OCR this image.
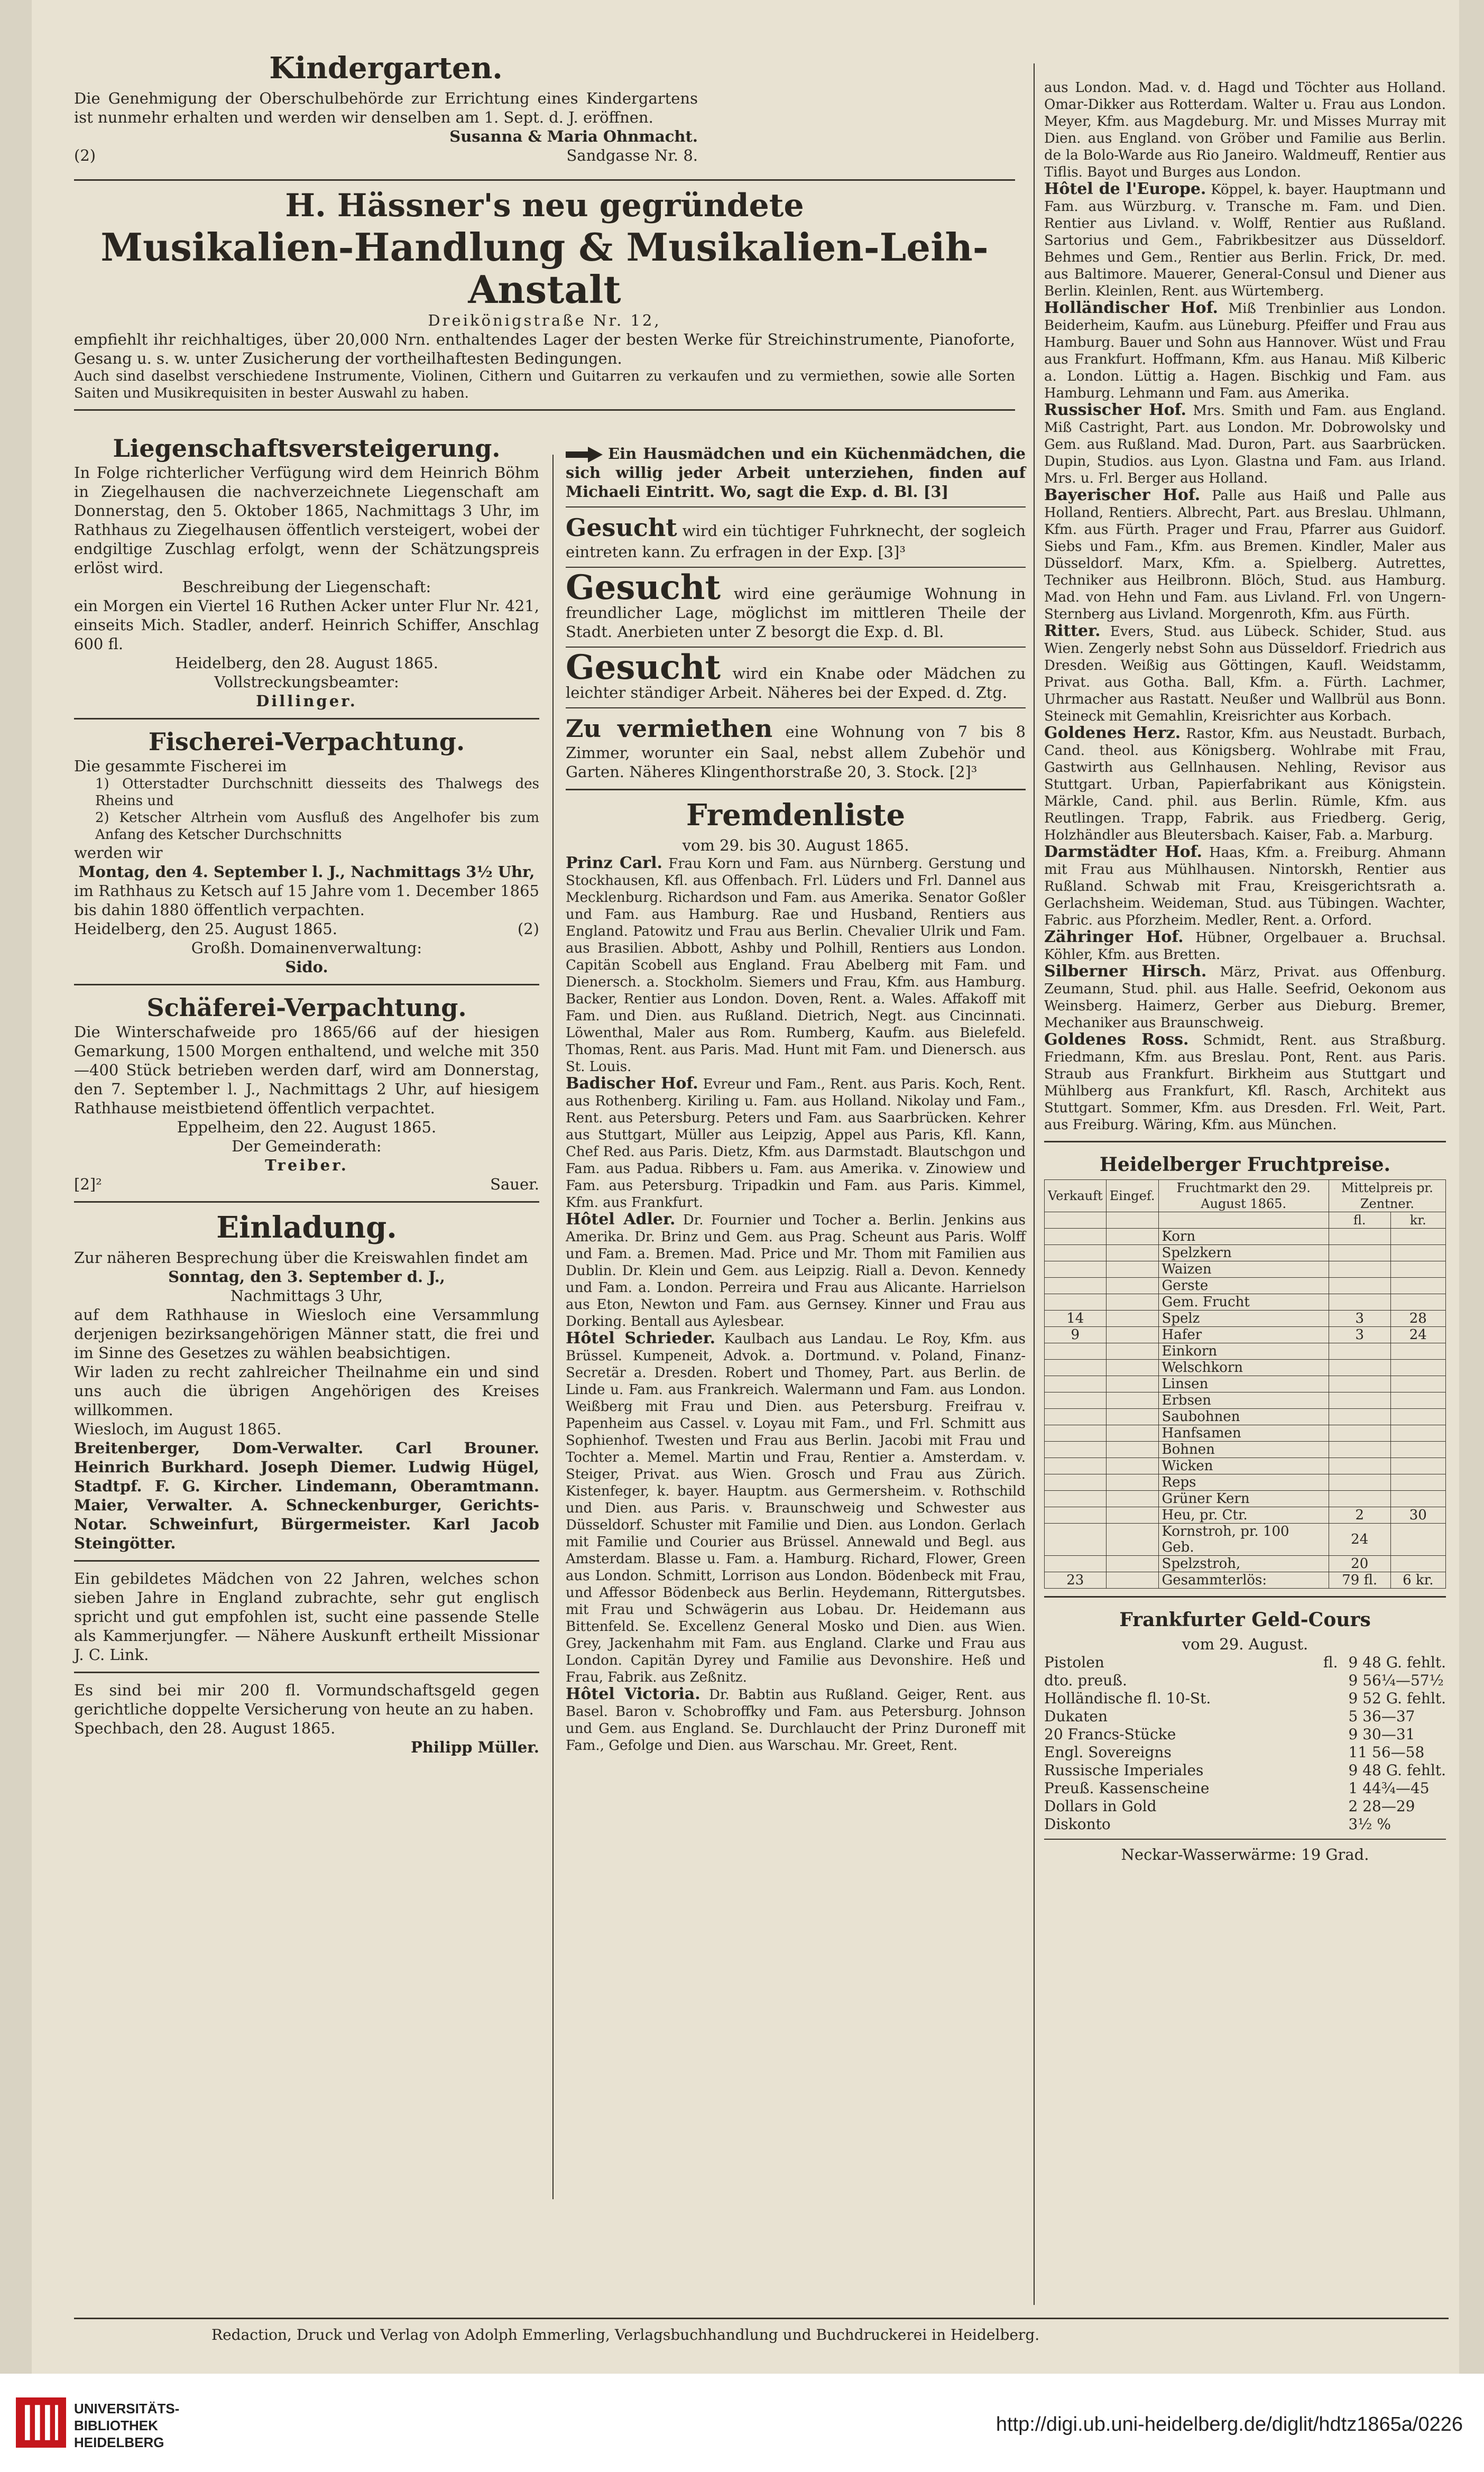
Kindergarten.

Die Genehmigung der Oberschulbehörde zur Errichtung eines Kindergartens ist nunmehr erhalten und werden wir denselben am 1. Sept. d. J. eröffnen.

Susanna & Maria Ohnmacht.

(2)	Sandgasse Nr. 8.
H. Hässner's neu gegründete
Musikalien-Handlung & Musikalien-Leih-Anstalt

Dreikönigstraße Nr. 12,

empfiehlt ihr reichhaltiges, über 20,000 Nrn. enthaltendes Lager der besten Werke für Streichinstrumente, Pianoforte, Gesang u. s. w. unter Zusicherung der vortheilhaftesten Bedingungen.

Auch sind daselbst verschiedene Instrumente, Violinen, Cithern und Guitarren zu verkaufen und zu vermiethen, sowie alle Sorten Saiten und Musikrequisiten in bester Auswahl zu haben.

Liegenschaftsversteigerung.

In Folge richterlicher Verfügung wird dem Heinrich Böhm in Ziegelhausen die nachverzeichnete Liegenschaft am Donnerstag, den 5. Oktober 1865, Nachmittags 3 Uhr, im Rathhaus zu Ziegelhausen öffentlich versteigert, wobei der endgiltige Zuschlag erfolgt, wenn der Schätzungspreis erlöst wird.

Beschreibung der Liegenschaft:

ein Morgen ein Viertel 16 Ruthen Acker unter Flur Nr. 421, einseits Mich. Stadler, anderf. Heinrich Schiffer, Anschlag 600 fl.

Heidelberg, den 28. August 1865.

Vollstreckungsbeamter:

Dillinger.

Fischerei-Verpachtung.

Die gesammte Fischerei im

1) Otterstadter Durchschnitt diesseits des Thalwegs des Rheins und

2) Ketscher Altrhein vom Ausfluß des Angelhofer bis zum Anfang des Ketscher Durchschnitts

werden wir

Montag, den 4. September l. J., Nachmittags 3½ Uhr,

im Rathhaus zu Ketsch auf 15 Jahre vom 1. December 1865 bis dahin 1880 öffentlich verpachten.

Heidelberg, den 25. August 1865.	(2)

Großh. Domainenverwaltung:

Sido.

Schäferei-Verpachtung.

Die Winterschafweide pro 1865/66 auf der hiesigen Gemarkung, 1500 Morgen enthaltend, und welche mit 350—400 Stück betrieben werden darf, wird am Donnerstag, den 7. September l. J., Nachmittags 2 Uhr, auf hiesigem Rathhause meistbietend öffentlich verpachtet.

Eppelheim, den 22. August 1865.

Der Gemeinderath:

Treiber.

[2]²	Sauer.
Einladung.

Zur näheren Besprechung über die Kreiswahlen findet am

Sonntag, den 3. September d. J.,

Nachmittags 3 Uhr,

auf dem Rathhause in Wiesloch eine Versammlung derjenigen bezirksangehörigen Männer statt, die frei und im Sinne des Gesetzes zu wählen beabsichtigen.

Wir laden zu recht zahlreicher Theilnahme ein und sind uns auch die übrigen Angehörigen des Kreises willkommen.

Wiesloch, im August 1865.

Breitenberger, Dom-Verwalter. Carl Brouner. Heinrich Burkhard. Joseph Diemer. Ludwig Hügel, Stadtpf. F. G. Kircher. Lindemann, Oberamtmann. Maier, Verwalter. A. Schneckenburger, Gerichts-Notar. Schweinfurt, Bürgermeister. Karl Jacob Steingötter.

Ein gebildetes Mädchen von 22 Jahren, welches schon sieben Jahre in England zubrachte, sehr gut englisch spricht und gut empfohlen ist, sucht eine passende Stelle als Kammerjungfer. — Nähere Auskunft ertheilt Missionar J. C. Link.

Es sind bei mir 200 fl. Vormundschaftsgeld gegen gerichtliche doppelte Versicherung von heute an zu haben.

Spechbach, den 28. August 1865.

Philipp Müller.

Ein Hausmädchen und ein Küchenmädchen, die sich willig jeder Arbeit unterziehen, finden auf Michaeli Eintritt. Wo, sagt die Exp. d. Bl. [3]

Gesucht wird ein tüchtiger Fuhrknecht, der sogleich eintreten kann. Zu erfragen in der Exp. [3]³

Gesucht wird eine geräumige Wohnung in freundlicher Lage, möglichst im mittleren Theile der Stadt. Anerbieten unter Z besorgt die Exp. d. Bl.

Gesucht wird ein Knabe oder Mädchen zu leichter ständiger Arbeit. Näheres bei der Exped. d. Ztg.

Zu vermiethen eine Wohnung von 7 bis 8 Zimmer, worunter ein Saal, nebst allem Zubehör und Garten. Näheres Klingenthorstraße 20, 3. Stock. [2]³

Fremdenliste

vom 29. bis 30. August 1865.

Prinz Carl. Frau Korn und Fam. aus Nürnberg. Gerstung und Stockhausen, Kfl. aus Offenbach. Frl. Lüders und Frl. Dannel aus Mecklenburg. Richardson und Fam. aus Amerika. Senator Goßler und Fam. aus Hamburg. Rae und Husband, Rentiers aus England. Patowitz und Frau aus Berlin. Chevalier Ulrik und Fam. aus Brasilien. Abbott, Ashby und Polhill, Rentiers aus London. Capitän Scobell aus England. Frau Abelberg mit Fam. und Dienersch. a. Stockholm. Siemers und Frau, Kfm. aus Hamburg. Backer, Rentier aus London. Doven, Rent. a. Wales. Affakoff mit Fam. und Dien. aus Rußland. Dietrich, Negt. aus Cincinnati. Löwenthal, Maler aus Rom. Rumberg, Kaufm. aus Bielefeld. Thomas, Rent. aus Paris. Mad. Hunt mit Fam. und Dienersch. aus St. Louis.

Badischer Hof. Evreur und Fam., Rent. aus Paris. Koch, Rent. aus Rothenberg. Kiriling u. Fam. aus Holland. Nikolay und Fam., Rent. aus Petersburg. Peters und Fam. aus Saarbrücken. Kehrer aus Stuttgart, Müller aus Leipzig, Appel aus Paris, Kfl. Kann, Chef Red. aus Paris. Dietz, Kfm. aus Darmstadt. Blautschgon und Fam. aus Padua. Ribbers u. Fam. aus Amerika. v. Zinowiew und Fam. aus Petersburg. Tripadkin und Fam. aus Paris. Kimmel, Kfm. aus Frankfurt.

Hôtel Adler. Dr. Fournier und Tocher a. Berlin. Jenkins aus Amerika. Dr. Brinz und Gem. aus Prag. Scheunt aus Paris. Wolff und Fam. a. Bremen. Mad. Price und Mr. Thom mit Familien aus Dublin. Dr. Klein und Gem. aus Leipzig. Riall a. Devon. Kennedy und Fam. a. London. Perreira und Frau aus Alicante. Harrielson aus Eton, Newton und Fam. aus Gernsey. Kinner und Frau aus Dorking. Bentall aus Aylesbear.

Hôtel Schrieder. Kaulbach aus Landau. Le Roy, Kfm. aus Brüssel. Kumpeneit, Advok. a. Dortmund. v. Poland, Finanz-Secretär a. Dresden. Robert und Thomey, Part. aus Berlin. de Linde u. Fam. aus Frankreich. Walermann und Fam. aus London. Weißberg mit Frau und Dien. aus Petersburg. Freifrau v. Papenheim aus Cassel. v. Loyau mit Fam., und Frl. Schmitt aus Sophienhof. Twesten und Frau aus Berlin. Jacobi mit Frau und Tochter a. Memel. Martin und Frau, Rentier a. Amsterdam. v. Steiger, Privat. aus Wien. Grosch und Frau aus Zürich. Kistenfeger, k. bayer. Hauptm. aus Germersheim. v. Rothschild und Dien. aus Paris. v. Braunschweig und Schwester aus Düsseldorf. Schuster mit Familie und Dien. aus London. Gerlach mit Familie und Courier aus Brüssel. Annewald und Begl. aus Amsterdam. Blasse u. Fam. a. Hamburg. Richard, Flower, Green aus London. Schmitt, Lorrison aus London. Bödenbeck mit Frau, und Affessor Bödenbeck aus Berlin. Heydemann, Rittergutsbes. mit Frau und Schwägerin aus Lobau. Dr. Heidemann aus Bittenfeld. Se. Excellenz General Mosko und Dien. aus Wien. Grey, Jackenhahm mit Fam. aus England. Clarke und Frau aus London. Capitän Dyrey und Familie aus Devonshire. Heß und Frau, Fabrik. aus Zeßnitz.

Hôtel Victoria. Dr. Babtin aus Rußland. Geiger, Rent. aus Basel. Baron v. Schobroffky und Fam. aus Petersburg. Johnson und Gem. aus England. Se. Durchlaucht der Prinz Duroneff mit Fam., Gefolge und Dien. aus Warschau. Mr. Greet, Rent.

aus London. Mad. v. d. Hagd und Töchter aus Holland. Omar-Dikker aus Rotterdam. Walter u. Frau aus London. Meyer, Kfm. aus Magdeburg. Mr. und Misses Murray mit Dien. aus England. von Gröber und Familie aus Berlin. de la Bolo-Warde aus Rio Janeiro. Waldmeuff, Rentier aus Tiflis. Bayot und Burges aus London.

Hôtel de l'Europe. Köppel, k. bayer. Hauptmann und Fam. aus Würzburg. v. Transche m. Fam. und Dien. Rentier aus Livland. v. Wolff, Rentier aus Rußland. Sartorius und Gem., Fabrikbesitzer aus Düsseldorf. Behmes und Gem., Rentier aus Berlin. Frick, Dr. med. aus Baltimore. Mauerer, General-Consul und Diener aus Berlin. Kleinlen, Rent. aus Würtemberg.

Holländischer Hof. Miß Trenbinlier aus London. Beiderheim, Kaufm. aus Lüneburg. Pfeiffer und Frau aus Hamburg. Bauer und Sohn aus Hannover. Wüst und Frau aus Frankfurt. Hoffmann, Kfm. aus Hanau. Miß Kilberic a. London. Lüttig a. Hagen. Bischkig und Fam. aus Hamburg. Lehmann und Fam. aus Amerika.

Russischer Hof. Mrs. Smith und Fam. aus England. Miß Castright, Part. aus London. Mr. Dobrowolsky und Gem. aus Rußland. Mad. Duron, Part. aus Saarbrücken. Dupin, Studios. aus Lyon. Glastna und Fam. aus Irland. Mrs. u. Frl. Berger aus Holland.

Bayerischer Hof. Palle aus Haiß und Palle aus Holland, Rentiers. Albrecht, Part. aus Breslau. Uhlmann, Kfm. aus Fürth. Prager und Frau, Pfarrer aus Guidorf. Siebs und Fam., Kfm. aus Bremen. Kindler, Maler aus Düsseldorf. Marx, Kfm. a. Spielberg. Autrettes, Techniker aus Heilbronn. Blöch, Stud. aus Hamburg. Mad. von Hehn und Fam. aus Livland. Frl. von Ungern-Sternberg aus Livland. Morgenroth, Kfm. aus Fürth.

Ritter. Evers, Stud. aus Lübeck. Schider, Stud. aus Wien. Zengerly nebst Sohn aus Düsseldorf. Friedrich aus Dresden. Weißig aus Göttingen, Kaufl. Weidstamm, Privat. aus Gotha. Ball, Kfm. a. Fürth. Lachmer, Uhrmacher aus Rastatt. Neußer und Wallbrül aus Bonn. Steineck mit Gemahlin, Kreisrichter aus Korbach.

Goldenes Herz. Rastor, Kfm. aus Neustadt. Burbach, Cand. theol. aus Königsberg. Wohlrabe mit Frau, Gastwirth aus Gellnhausen. Nehling, Revisor aus Stuttgart. Urban, Papierfabrikant aus Königstein. Märkle, Cand. phil. aus Berlin. Rümle, Kfm. aus Reutlingen. Trapp, Fabrik. aus Friedberg. Gerig, Holzhändler aus Bleutersbach. Kaiser, Fab. a. Marburg.

Darmstädter Hof. Haas, Kfm. a. Freiburg. Ahmann mit Frau aus Mühlhausen. Nintorskh, Rentier aus Rußland. Schwab mit Frau, Kreisgerichtsrath a. Gerlachsheim. Weideman, Stud. aus Tübingen. Wachter, Fabric. aus Pforzheim. Medler, Rent. a. Orford.

Zähringer Hof. Hübner, Orgelbauer a. Bruchsal. Köhler, Kfm. aus Bretten.

Silberner Hirsch. März, Privat. aus Offenburg. Zeumann, Stud. phil. aus Halle. Seefrid, Oekonom aus Weinsberg. Haimerz, Gerber aus Dieburg. Bremer, Mechaniker aus Braunschweig.

Goldenes Ross. Schmidt, Rent. aus Straßburg. Friedmann, Kfm. aus Breslau. Pont, Rent. aus Paris. Straub aus Frankfurt. Birkheim aus Stuttgart und Mühlberg aus Frankfurt, Kfl. Rasch, Architekt aus Stuttgart. Sommer, Kfm. aus Dresden. Frl. Weit, Part. aus Freiburg. Wäring, Kfm. aus München.

Heidelberger Fruchtpreise.
Verkauft	Eingef.	Fruchtmarkt den 29. August 1865.	Mittelpreis pr. Zentner.	
			fl.	kr.
		Korn		
		Spelzkern		
		Waizen		
		Gerste		
		Gem. Frucht		
14		Spelz	3	28
9		Hafer	3	24
		Einkorn		
		Welschkorn		
		Linsen		
		Erbsen		
		Saubohnen		
		Hanfsamen		
		Bohnen		
		Wicken		
		Reps		
		Grüner Kern		
		Heu, pr. Ctr.	2	30
		Kornstroh, pr. 100 Geb.	24	
		Spelzstroh,	20	
23		Gesammterlös:	79 fl.	6 kr.
Frankfurter Geld-Cours

vom 29. August.

Pistolen	fl. 9 48 G. fehlt.
dto. preuß.	9 56¼—57½
Holländische fl. 10-St.	9 52 G. fehlt.
Dukaten	5 36—37
20 Francs-Stücke	9 30—31
Engl. Sovereigns	11 56—58
Russische Imperiales	9 48 G. fehlt.
Preuß. Kassenscheine	1 44¾—45
Dollars in Gold	2 28—29
Diskonto	3½ %

Neckar-Wasserwärme: 19 Grad.

Redaction, Druck und Verlag von Adolph Emmerling, Verlagsbuchhandlung und Buchdruckerei in Heidelberg.
UNIVERSITÄTS-
BIBLIOTHEK
HEIDELBERG
http://digi.ub.uni-heidelberg.de/diglit/hdtz1865a/0226
